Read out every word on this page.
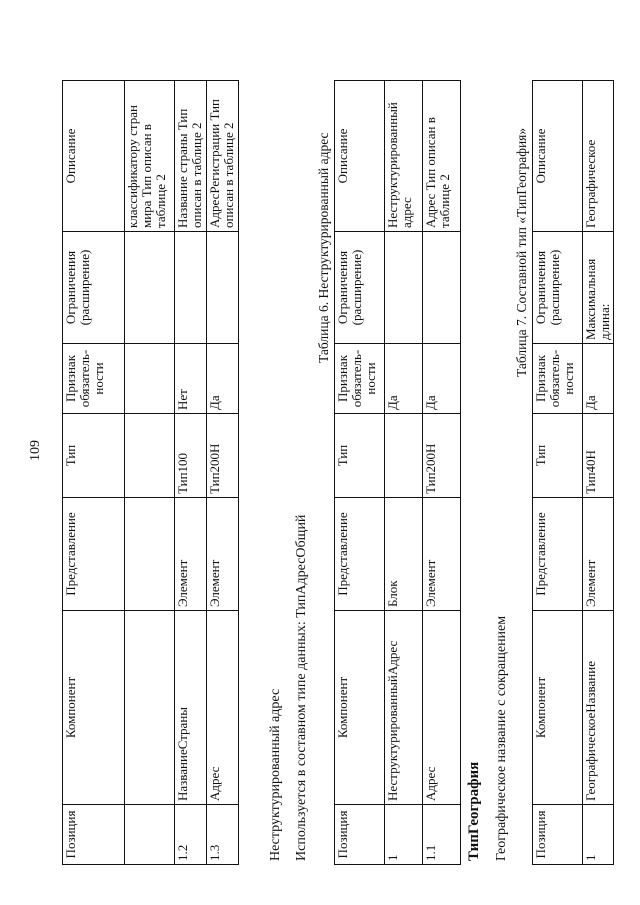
109
Позиция	Компонент	Представление	Тип	Признак обязатель-ности	Ограничения (расширение)	Описание
						классификатору стран мира Тип описан в таблице 2
1.2	НазваниеСтраны	Элемент	Тип100	Нет		Название страны Тип описан в таблице 2
1.3	Адрес	Элемент	Тип200Н	Да		АдресРегистрации Тип описан в таблице 2
Неструктурированный адрес Используется в составном типе данных: ТипАдресОбщий
Таблица 6. Неструктурированный адрес
Позиция	Компонент	Представление	Тип	Признак обязатель-ности	Ограничения (расширение)	Описание
1	НеструктурированныйАдрес	Блок		Да		Неструктурированный адрес
1.1	Адрес	Элемент	Тип200Н	Да		Адрес Тип описан в таблице 2
ТипГеография Географическое название с сокращением
Таблица 7. Составной тип «ТипГеография»
Позиция	Компонент	Представление	Тип	Признак обязатель-ности	Ограничения (расширение)	Описание
1	ГеографическоеНазвание	Элемент	Тип40Н	Да	Максимальная длина:	Географическое
